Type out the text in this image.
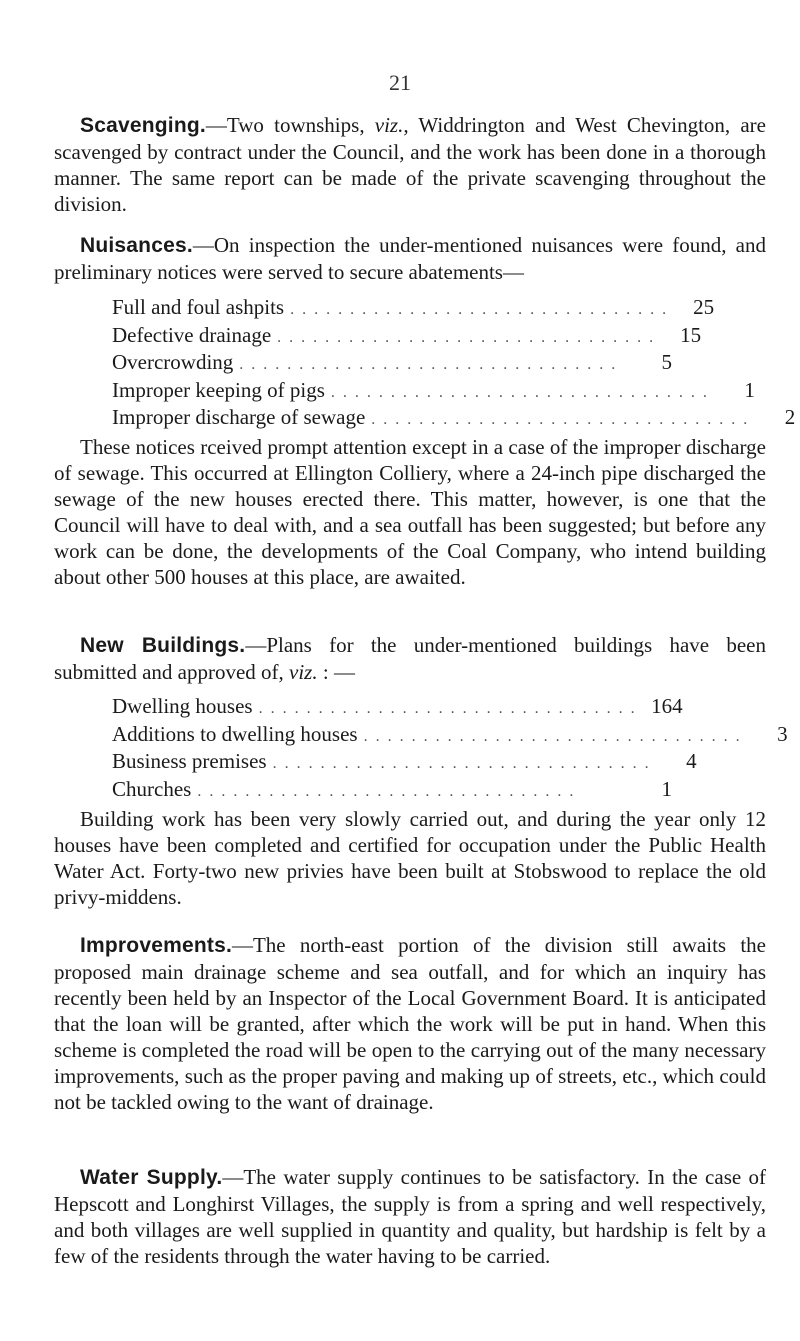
21

Scavenging.—Two townships, viz., Widdrington and West Chevington, are scavenged by contract under the Council, and the work has been done in a thorough manner. The same report can be made of the private scavenging throughout the division.

Nuisances.—On inspection the under-mentioned nuisances were found, and preliminary notices were served to secure abatements—

Full and foul ashpits . . . . . . . . . . . . . . . . . . . . . . . . . . . . . . . .	25
Defective drainage . . . . . . . . . . . . . . . . . . . . . . . . . . . . . . . .	15
Overcrowding . . . . . . . . . . . . . . . . . . . . . . . . . . . . . . . .	5
Improper keeping of pigs . . . . . . . . . . . . . . . . . . . . . . . . . . . . . . . .	1
Improper discharge of sewage . . . . . . . . . . . . . . . . . . . . . . . . . . . . . . . .	2

These notices rceived prompt attention except in a case of the improper discharge of sewage. This occurred at Ellington Colliery, where a 24-inch pipe discharged the sewage of the new houses erected there. This matter, however, is one that the Council will have to deal with, and a sea outfall has been suggested; but before any work can be done, the developments of the Coal Company, who intend building about other 500 houses at this place, are awaited.

New Buildings.—Plans for the under-mentioned buildings have been submitted and approved of, viz. : —

Dwelling houses . . . . . . . . . . . . . . . . . . . . . . . . . . . . . . . . 164
Additions to dwelling houses . . . . . . . . . . . . . . . . . . . . . . . . . . . . . . . .	3
Business premises . . . . . . . . . . . . . . . . . . . . . . . . . . . . . . . .	4
Churches . . . . . . . . . . . . . . . . . . . . . . . . . . . . . . . .	1

Building work has been very slowly carried out, and during the year only 12 houses have been completed and certified for occupation under the Public Health Water Act. Forty-two new privies have been built at Stobswood to replace the old privy-middens.

Improvements.—The north-east portion of the division still awaits the proposed main drainage scheme and sea outfall, and for which an inquiry has recently been held by an Inspector of the Local Government Board. It is anticipated that the loan will be granted, after which the work will be put in hand. When this scheme is completed the road will be open to the carrying out of the many necessary improvements, such as the proper paving and making up of streets, etc., which could not be tackled owing to the want of drainage.

Water Supply.—The water supply continues to be satisfactory. In the case of Hepscott and Longhirst Villages, the supply is from a spring and well respectively, and both villages are well supplied in quantity and quality, but hardship is felt by a few of the residents through the water having to be carried.
